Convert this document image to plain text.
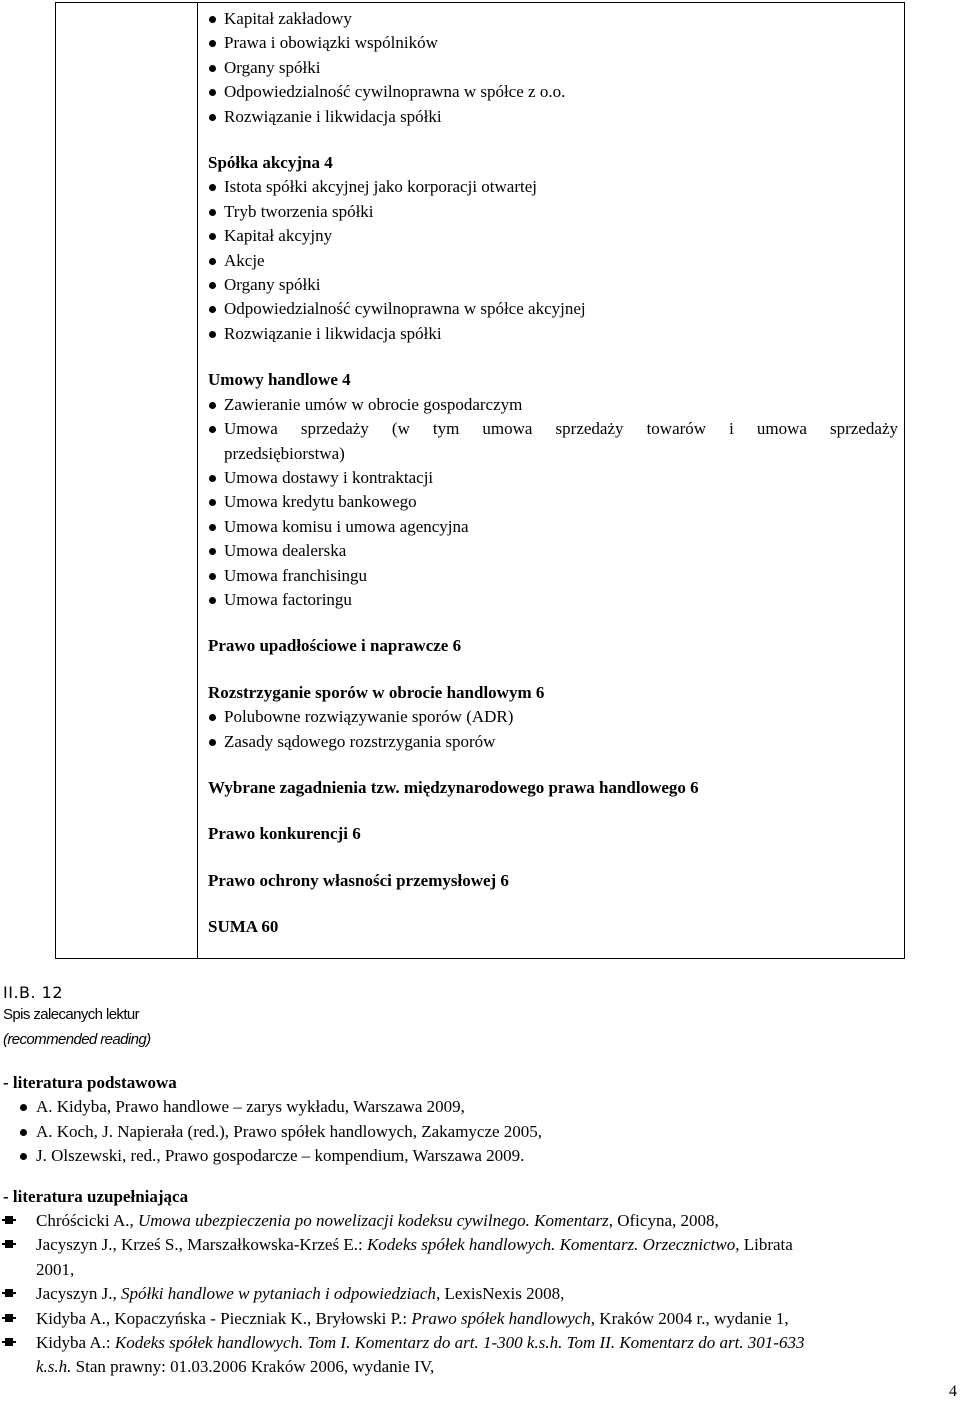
Kapitał zakładowy
Prawa i obowiązki wspólników
Organy spółki
Odpowiedzialność cywilnoprawna w spółce z o.o.
Rozwiązanie i likwidacja spółki
Spółka akcyjna 4
Istota spółki akcyjnej jako korporacji otwartej
Tryb tworzenia spółki
Kapitał akcyjny
Akcje
Organy spółki
Odpowiedzialność cywilnoprawna w spółce akcyjnej
Rozwiązanie i likwidacja spółki
Umowy handlowe 4
Zawieranie umów w obrocie gospodarczym
Umowa sprzedaży (w tym umowa sprzedaży towarów i umowa sprzedaży
przedsiębiorstwa)
Umowa dostawy i kontraktacji
Umowa kredytu bankowego
Umowa komisu i umowa agencyjna
Umowa dealerska
Umowa franchisingu
Umowa factoringu
Prawo upadłościowe i naprawcze 6
Rozstrzyganie sporów w obrocie handlowym 6
Polubowne rozwiązywanie sporów (ADR)
Zasady sądowego rozstrzygania sporów
Wybrane zagadnienia tzw. międzynarodowego prawa handlowego 6
Prawo konkurencji 6
Prawo ochrony własności przemysłowej 6
SUMA 60
II.B. 12
Spis zalecanych lektur
(recommended reading)
- literatura podstawowa
A. Kidyba, Prawo handlowe – zarys wykładu, Warszawa 2009,
A. Koch, J. Napierała (red.), Prawo spółek handlowych, Zakamycze 2005,
J. Olszewski, red., Prawo gospodarcze – kompendium, Warszawa 2009.
- literatura uzupełniająca
Chróścicki A., Umowa ubezpieczenia po nowelizacji kodeksu cywilnego. Komentarz, Oficyna, 2008,
Jacyszyn J., Krześ S., Marszałkowska-Krześ E.: Kodeks spółek handlowych. Komentarz. Orzecznictwo, Librata
2001,
Jacyszyn J., Spółki handlowe w pytaniach i odpowiedziach, LexisNexis 2008,
Kidyba A., Kopaczyńska - Pieczniak K., Bryłowski P.: Prawo spółek handlowych, Kraków 2004 r., wydanie 1,
Kidyba A.: Kodeks spółek handlowych. Tom I. Komentarz do art. 1-300 k.s.h. Tom II. Komentarz do art. 301-633
k.s.h. Stan prawny: 01.03.2006 Kraków 2006, wydanie IV,
4
